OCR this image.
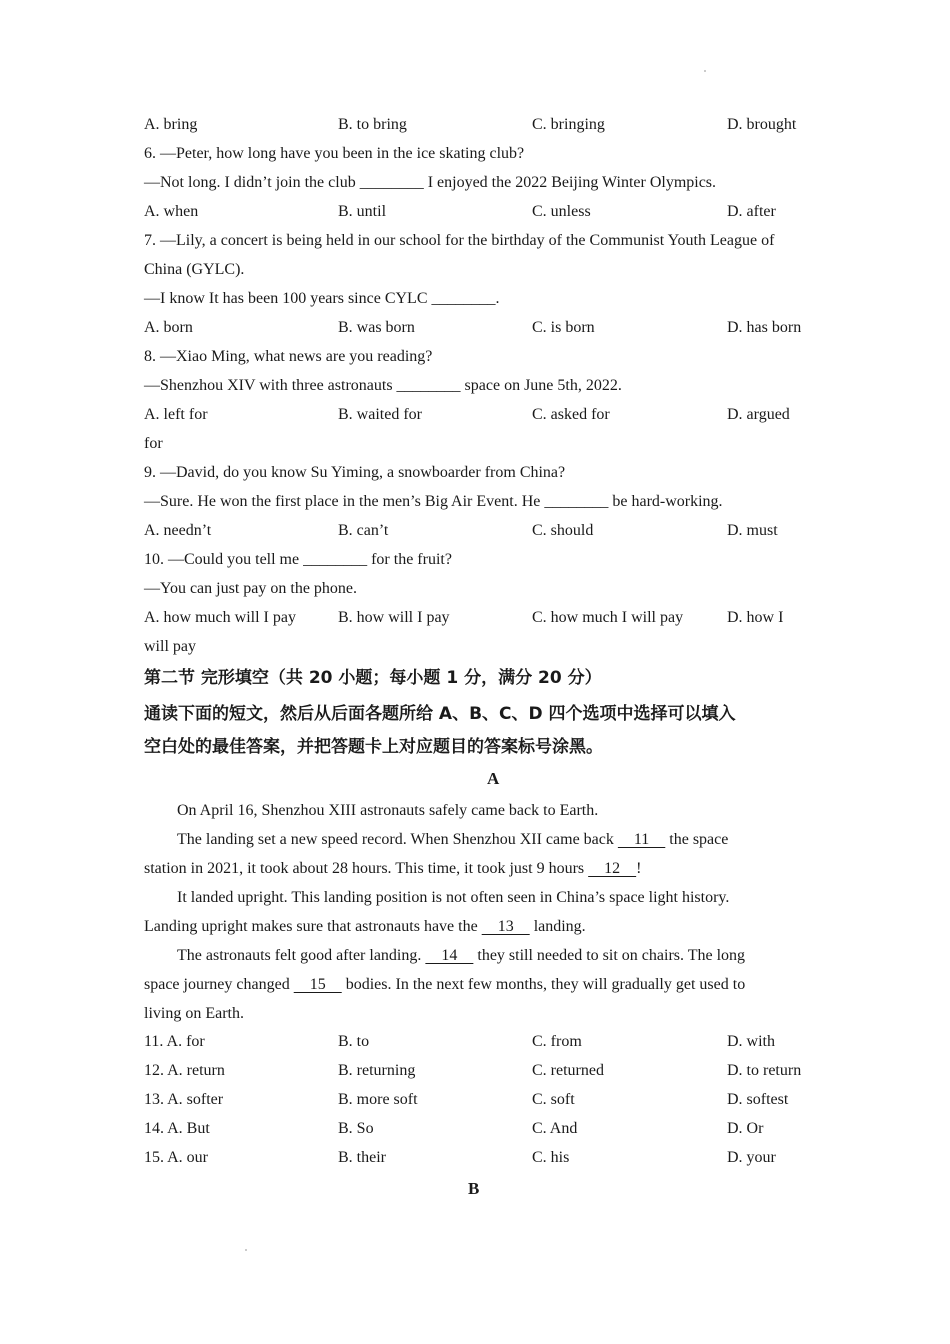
A. bring	B. to bring	C. bringing	D. brought
6. —Peter, how long have you been in the ice skating club?
—Not long. I didn’t join the club ________ I enjoyed the 2022 Beijing Winter Olympics.
A. when	B. until	C. unless	D. after
7. —Lily, a concert is being held in our school for the birthday of the Communist Youth League of
China (GYLC).
—I know It has been 100 years since CYLC ________.
A. born	B. was born	C. is born	D. has born
8. —Xiao Ming, what news are you reading?
—Shenzhou XIV with three astronauts ________ space on June 5th, 2022.
A. left for	B. waited for	C. asked for	D. argued
for
9. —David, do you know Su Yiming, a snowboarder from China?
—Sure. He won the first place in the men’s Big Air Event. He ________ be hard-working.
A. needn’t	B. can’t	C. should	D. must
10. —Could you tell me ________ for the fruit?
—You can just pay on the phone.
A. how much will I pay	B. how will I pay	C. how much I will pay	D. how I
will pay
第二节 完形填空（共 20 小题；每小题 1 分，满分 20 分）
通读下面的短文，然后从后面各题所给 A、B、C、D 四个选项中选择可以填入
空白处的最佳答案，并把答题卡上对应题目的答案标号涂黑。
A
On April 16, Shenzhou XIII astronauts safely came back to Earth.
The landing set a new speed record. When Shenzhou XII came back     11     the space
station in 2021, it took about 28 hours. This time, it took just 9 hours     12    !
It landed upright. This landing position is not often seen in China’s space light history.
Landing upright makes sure that astronauts have the     13     landing.
The astronauts felt good after landing.     14     they still needed to sit on chairs. The long
space journey changed     15     bodies. In the next few months, they will gradually get used to
living on Earth.
11. A. for	B. to	C. from	D. with
12. A. return	B. returning	C. returned	D. to return
13. A. softer	B. more soft	C. soft	D. softest
14. A. But	B. So	C. And	D. Or
15. A. our	B. their	C. his	D. your
B
